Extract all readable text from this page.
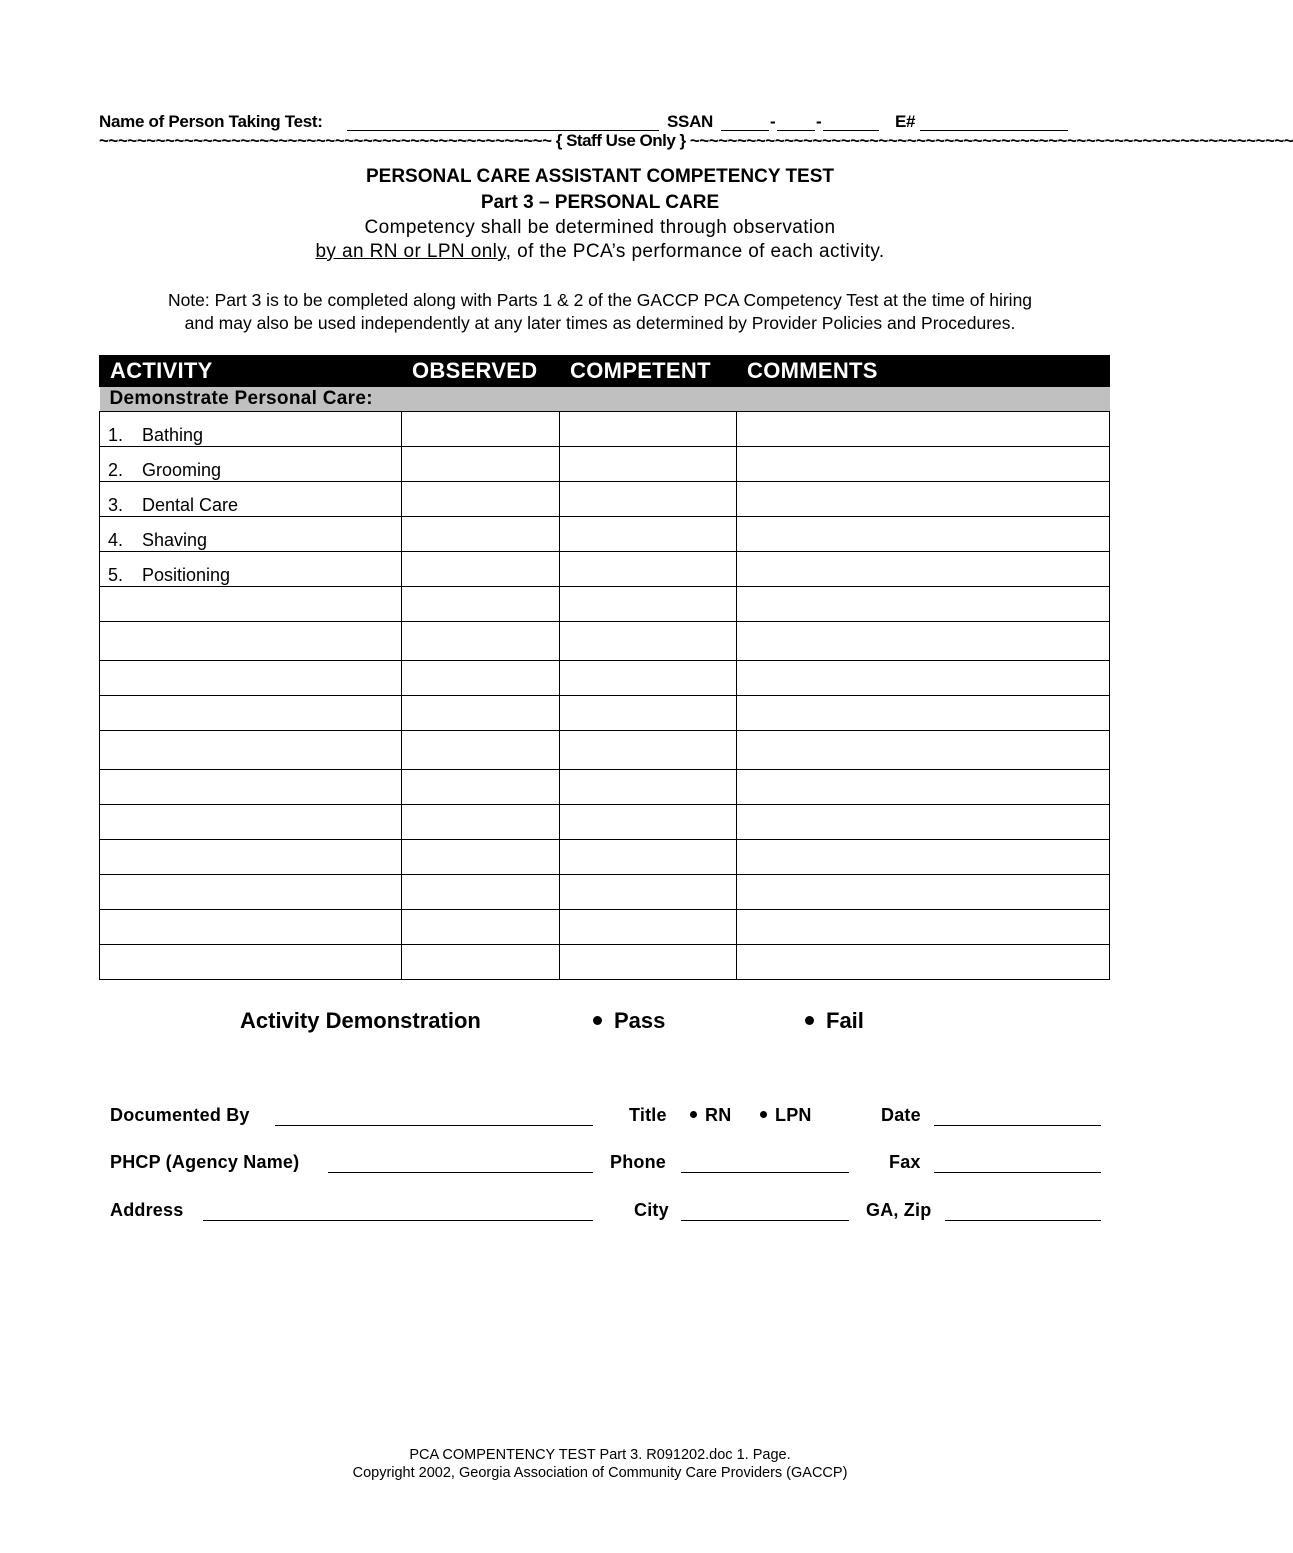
Name of Person Taking Test:	SSAN	- -	E#
~~~~~~~~~~~~~~~~~~~~~~~~~~~~~~~~~~~~~~~~~~~~~~~~ { Staff Use Only } ~~~~~~~~~~~~~~~~~~~~~~~~~~~~~~~~~~~~~~~~~~~~~~~~~~~~~~~~~~~~~~~~
PERSONAL CARE ASSISTANT COMPETENCY TEST
Part 3 – PERSONAL CARE
Competency shall be determined through observation
by an RN or LPN only, of the PCA’s performance of each activity.
Note: Part 3 is to be completed along with Parts 1 & 2 of the GACCP PCA Competency Test at the time of hiring
and may also be used independently at any later times as determined by Provider Policies and Procedures.
ACTIVITY	OBSERVED	COMPETENT	COMMENTS
Demonstrate Personal Care:			
1. Bathing			
2. Grooming			
3. Dental Care			
4. Shaving			
5. Positioning			

Activity Demonstration	Pass	Fail
Documented By	Title	RN	LPN	Date
PHCP (Agency Name)	Phone	Fax
Address	City	GA, Zip
PCA COMPENTENCY TEST Part 3. R091202.doc 1. Page.
Copyright 2002, Georgia Association of Community Care Providers (GACCP)
